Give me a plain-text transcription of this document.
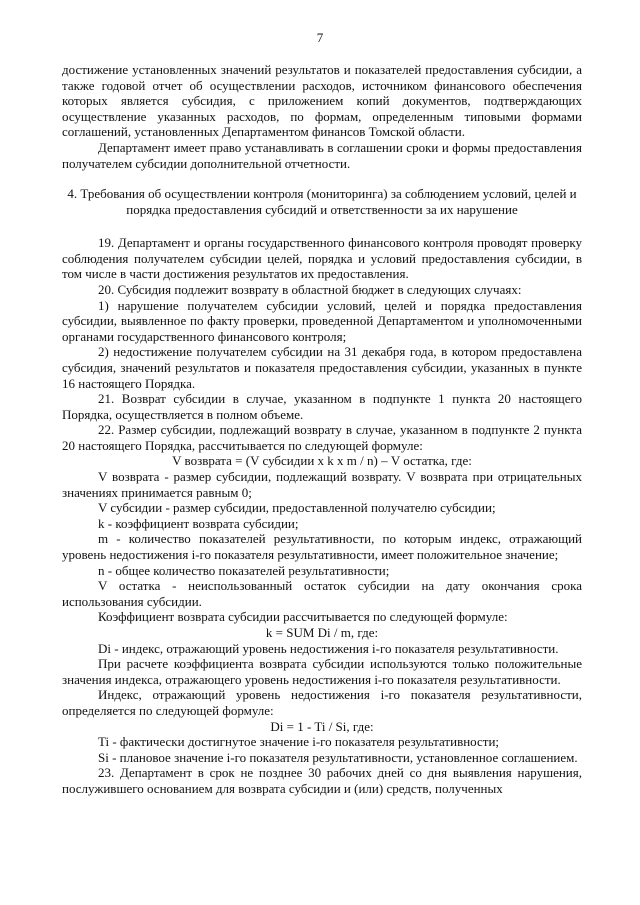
7

достижение установленных значений результатов и показателей предоставления субсидии, а также годовой отчет об осуществлении расходов, источником финансового обеспечения которых является субсидия, с приложением копий документов, подтверждающих осуществление указанных расходов, по формам, определенным типовыми формами соглашений, установленных Департаментом финансов Томской области.

Департамент имеет право устанавливать в соглашении сроки и формы предоставления получателем субсидии дополнительной отчетности.

4. Требования об осуществлении контроля (мониторинга) за соблюдением условий, целей и порядка предоставления субсидий и ответственности за их нарушение

19. Департамент и органы государственного финансового контроля проводят проверку соблюдения получателем субсидии целей, порядка и условий предоставления субсидии, в том числе в части достижения результатов их предоставления.

20. Субсидия подлежит возврату в областной бюджет в следующих случаях:

1) нарушение получателем субсидии условий, целей и порядка предоставления субсидии, выявленное по факту проверки, проведенной Департаментом и уполномоченными органами государственного финансового контроля;

2) недостижение получателем субсидии на 31 декабря года, в котором предоставлена субсидия, значений результатов и показателя предоставления субсидии, указанных в пункте 16 настоящего Порядка.

21. Возврат субсидии в случае, указанном в подпункте 1 пункта 20 настоящего Порядка, осуществляется в полном объеме.

22. Размер субсидии, подлежащий возврату в случае, указанном в подпункте 2 пункта 20 настоящего Порядка, рассчитывается по следующей формуле:

V возврата = (V субсидии x k x m / n) – V остатка, где:

V возврата - размер субсидии, подлежащий возврату. V возврата при отрицательных значениях принимается равным 0;

V субсидии - размер субсидии, предоставленной получателю субсидии;

k - коэффициент возврата субсидии;

m - количество показателей результативности, по которым индекс, отражающий уровень недостижения i-го показателя результативности, имеет положительное значение;

n - общее количество показателей результативности;

V остатка - неиспользованный остаток субсидии на дату окончания срока использования субсидии.

Коэффициент возврата субсидии рассчитывается по следующей формуле:

k = SUM Di / m, где:

Di - индекс, отражающий уровень недостижения i-го показателя результативности.

При расчете коэффициента возврата субсидии используются только положительные значения индекса, отражающего уровень недостижения i-го показателя результативности.

Индекс, отражающий уровень недостижения i-го показателя результативности, определяется по следующей формуле:

Di = 1 - Ti / Si, где:

Ti - фактически достигнутое значение i-го показателя результативности;

Si - плановое значение i-го показателя результативности, установленное соглашением.

23. Департамент в срок не позднее 30 рабочих дней со дня выявления нарушения, послужившего основанием для возврата субсидии и (или) средств, полученных
